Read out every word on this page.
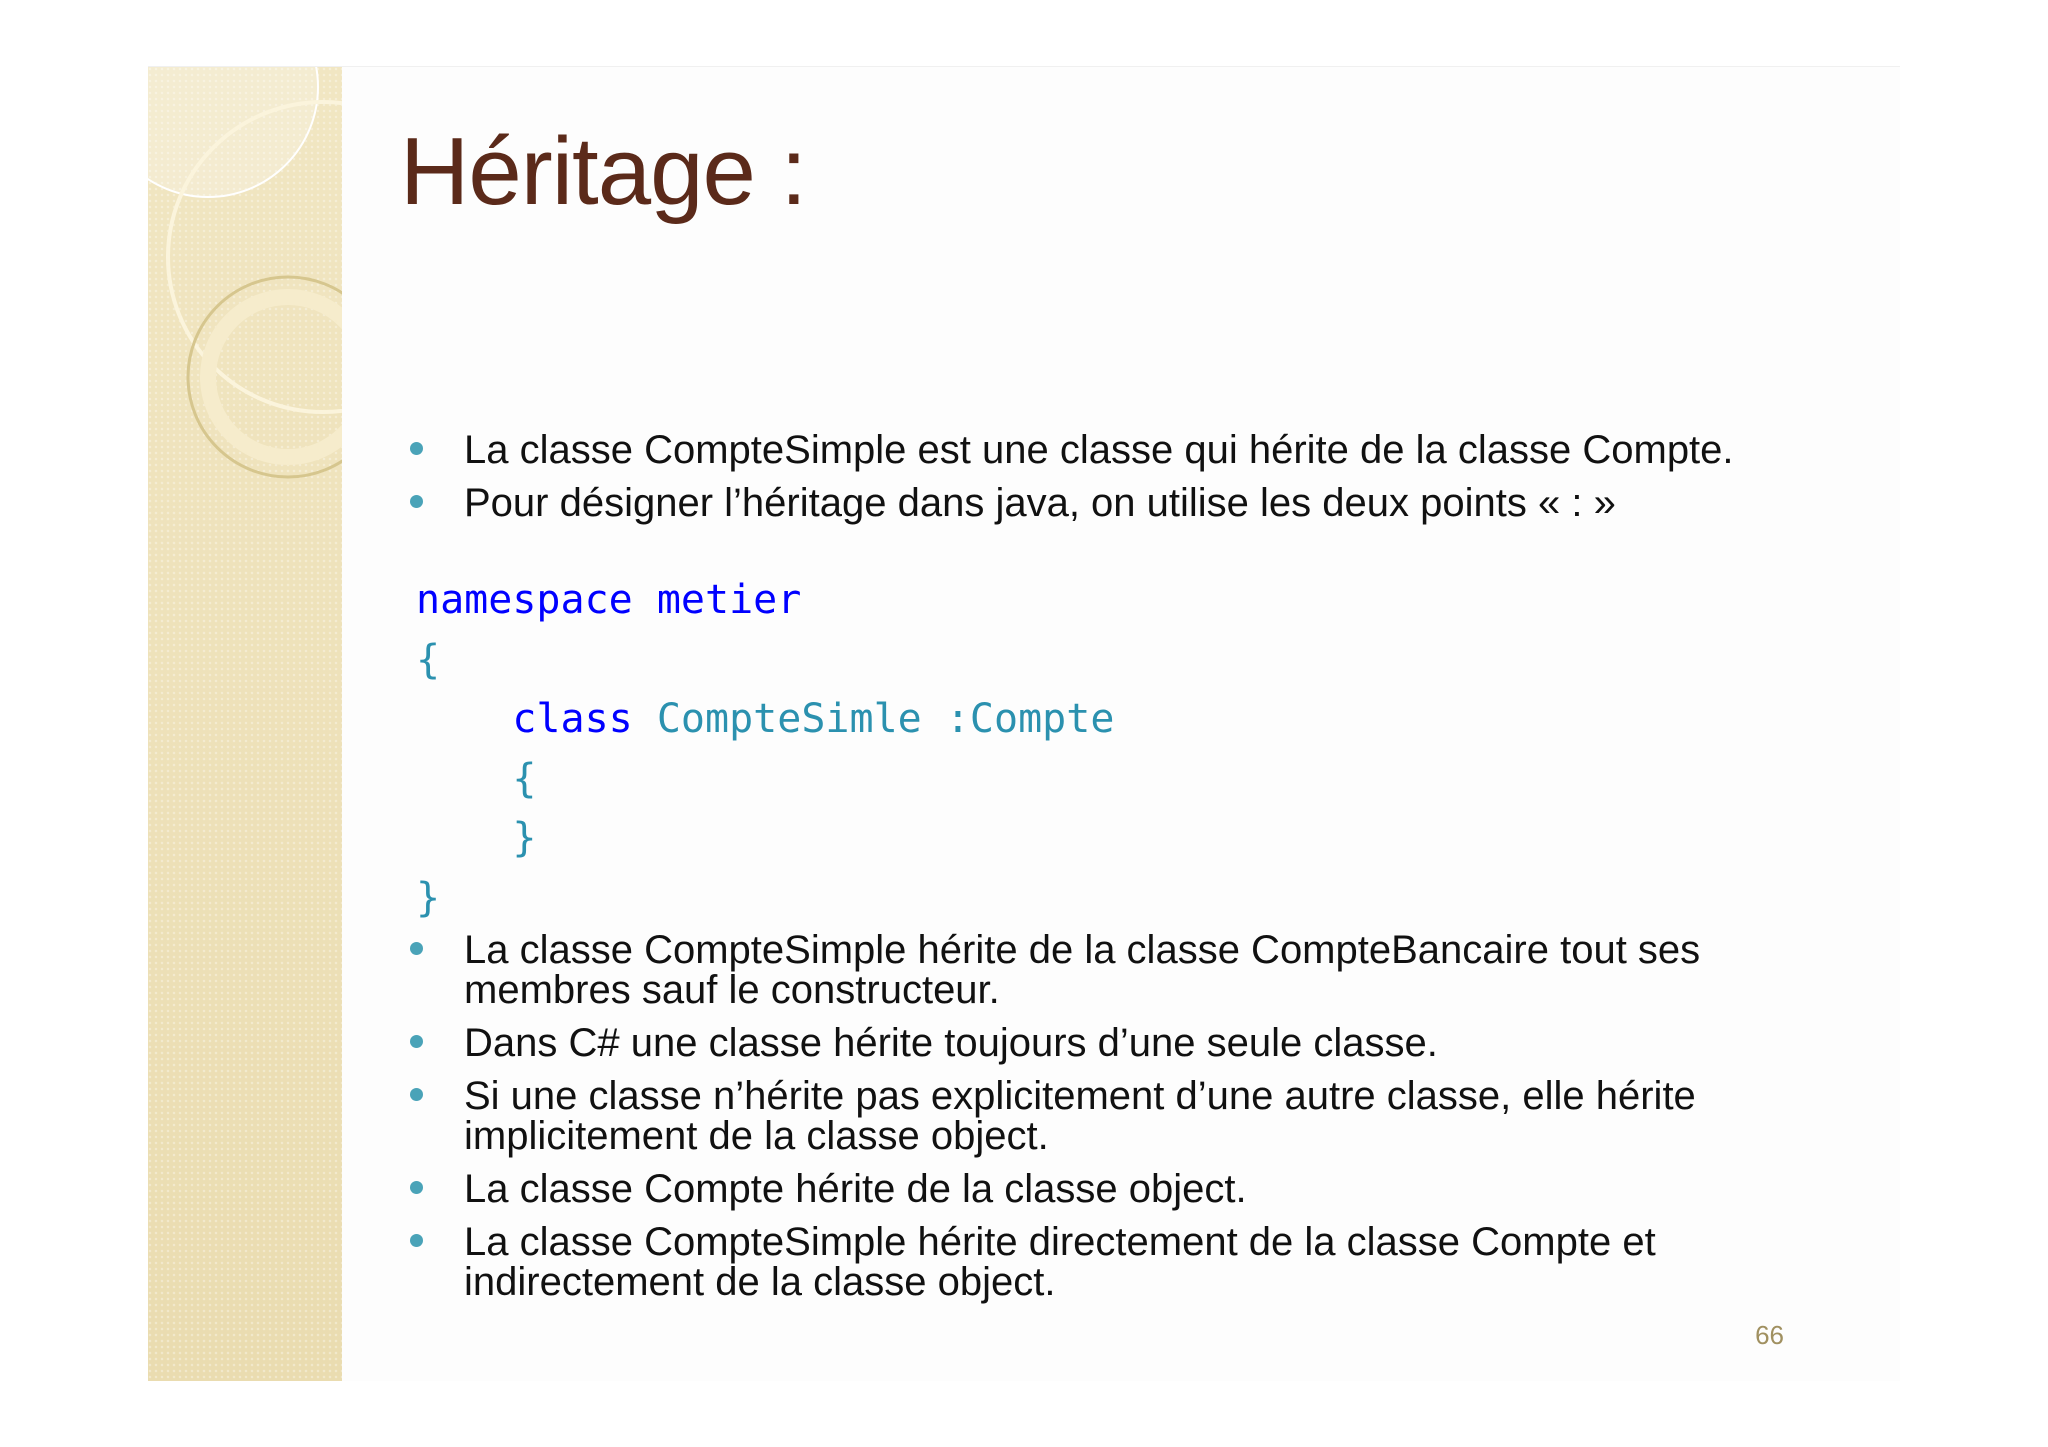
Héritage :
La classe CompteSimple est une classe qui hérite de la classe Compte.
Pour désigner l’héritage dans java, on utilise les deux points « : »
namespace metier
{
class CompteSimle :Compte
{
}
}
La classe CompteSimple hérite de la classe CompteBancaire tout ses membres sauf le constructeur.
Dans C# une classe hérite toujours d’une seule classe.
Si une classe n’hérite pas explicitement d’une autre classe, elle hérite implicitement de la classe object.
La classe Compte hérite de la classe object.
La classe CompteSimple hérite directement de la classe Compte et indirectement de la classe object.
66
